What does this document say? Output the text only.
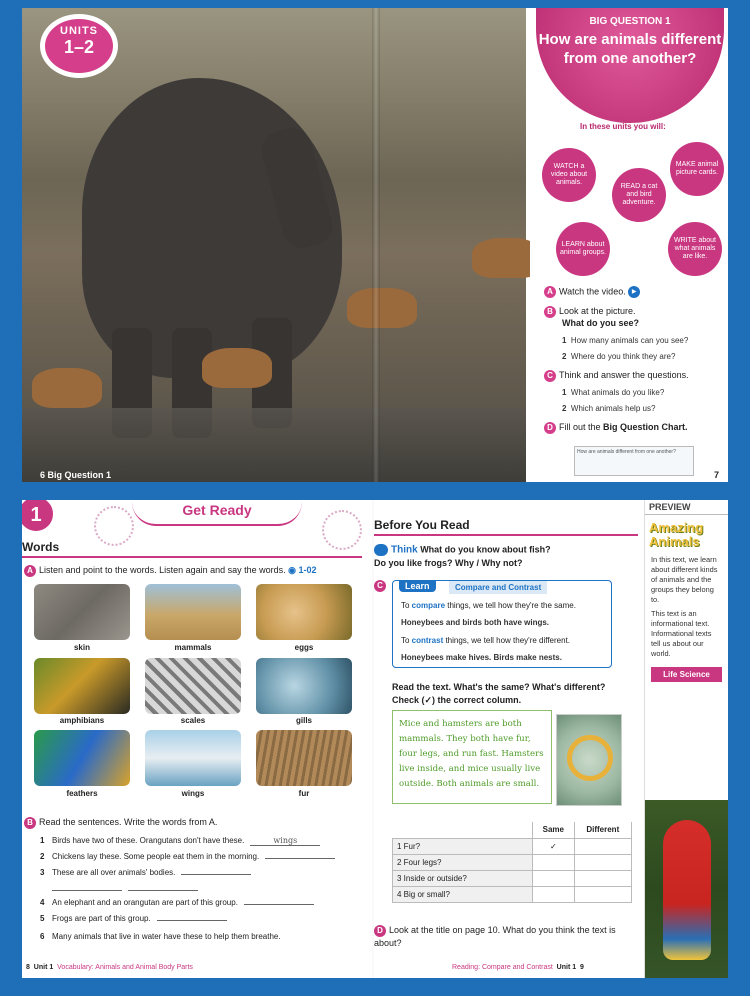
UNITS
1–2
6 Big Question 1
BIG QUESTION 1
How are animals different from one another?
In these units you will:
WATCH a video about animals.
READ a cat and bird adventure.
MAKE animal picture cards.
LEARN about animal groups.
WRITE about what animals are like.
A Watch the video. ▶
B Look at the picture.
What do you see?
1 How many animals can you see?
2 Where do you think they are?
C Think and answer the questions.
1 What animals do you like?
2 Which animals help us?
D Fill out the Big Question Chart.
How are animals different from one another?
7
1	Get Ready
Words
A Listen and point to the words. Listen again and say the words. ◉ 1-02
skin	mammals	eggs
amphibians	scales	gills
feathers	wings	fur
B Read the sentences. Write the words from A.
1 Birds have two of these. Orangutans don't have these.	wings
2 Chickens lay these. Some people eat them in the morning.
3 These are all over animals' bodies.
4 An elephant and an orangutan are part of this group.
5 Frogs are part of this group.
6 Many animals that live in water have these to help them breathe.
8 Unit 1 Vocabulary: Animals and Animal Body Parts
Before You Read
Think What do you know about fish?
Do you like frogs? Why / Why not?
C	Learn	Compare and Contrast
To compare things, we tell how they're the same.
Honeybees and birds both have wings.
To contrast things, we tell how they're different.
Honeybees make hives. Birds make nests.
Read the text. What's the same? What's different?
Check (✓) the correct column.
Mice and hamsters are both mammals. They both have fur, four legs, and run fast. Hamsters live inside, and mice usually live outside. Both animals are small.
	Same	Different
1 Fur?	✓	
2 Four legs?		
3 Inside or outside?		
4 Big or small?		
D Look at the title on page 10. What do you think the text is about?
Reading: Compare and Contrast Unit 1 9
PREVIEW
Amazing Animals
In this text, we learn about different kinds of animals and the groups they belong to.
This text is an informational text. Informational texts tell us about our world.
Life Science
